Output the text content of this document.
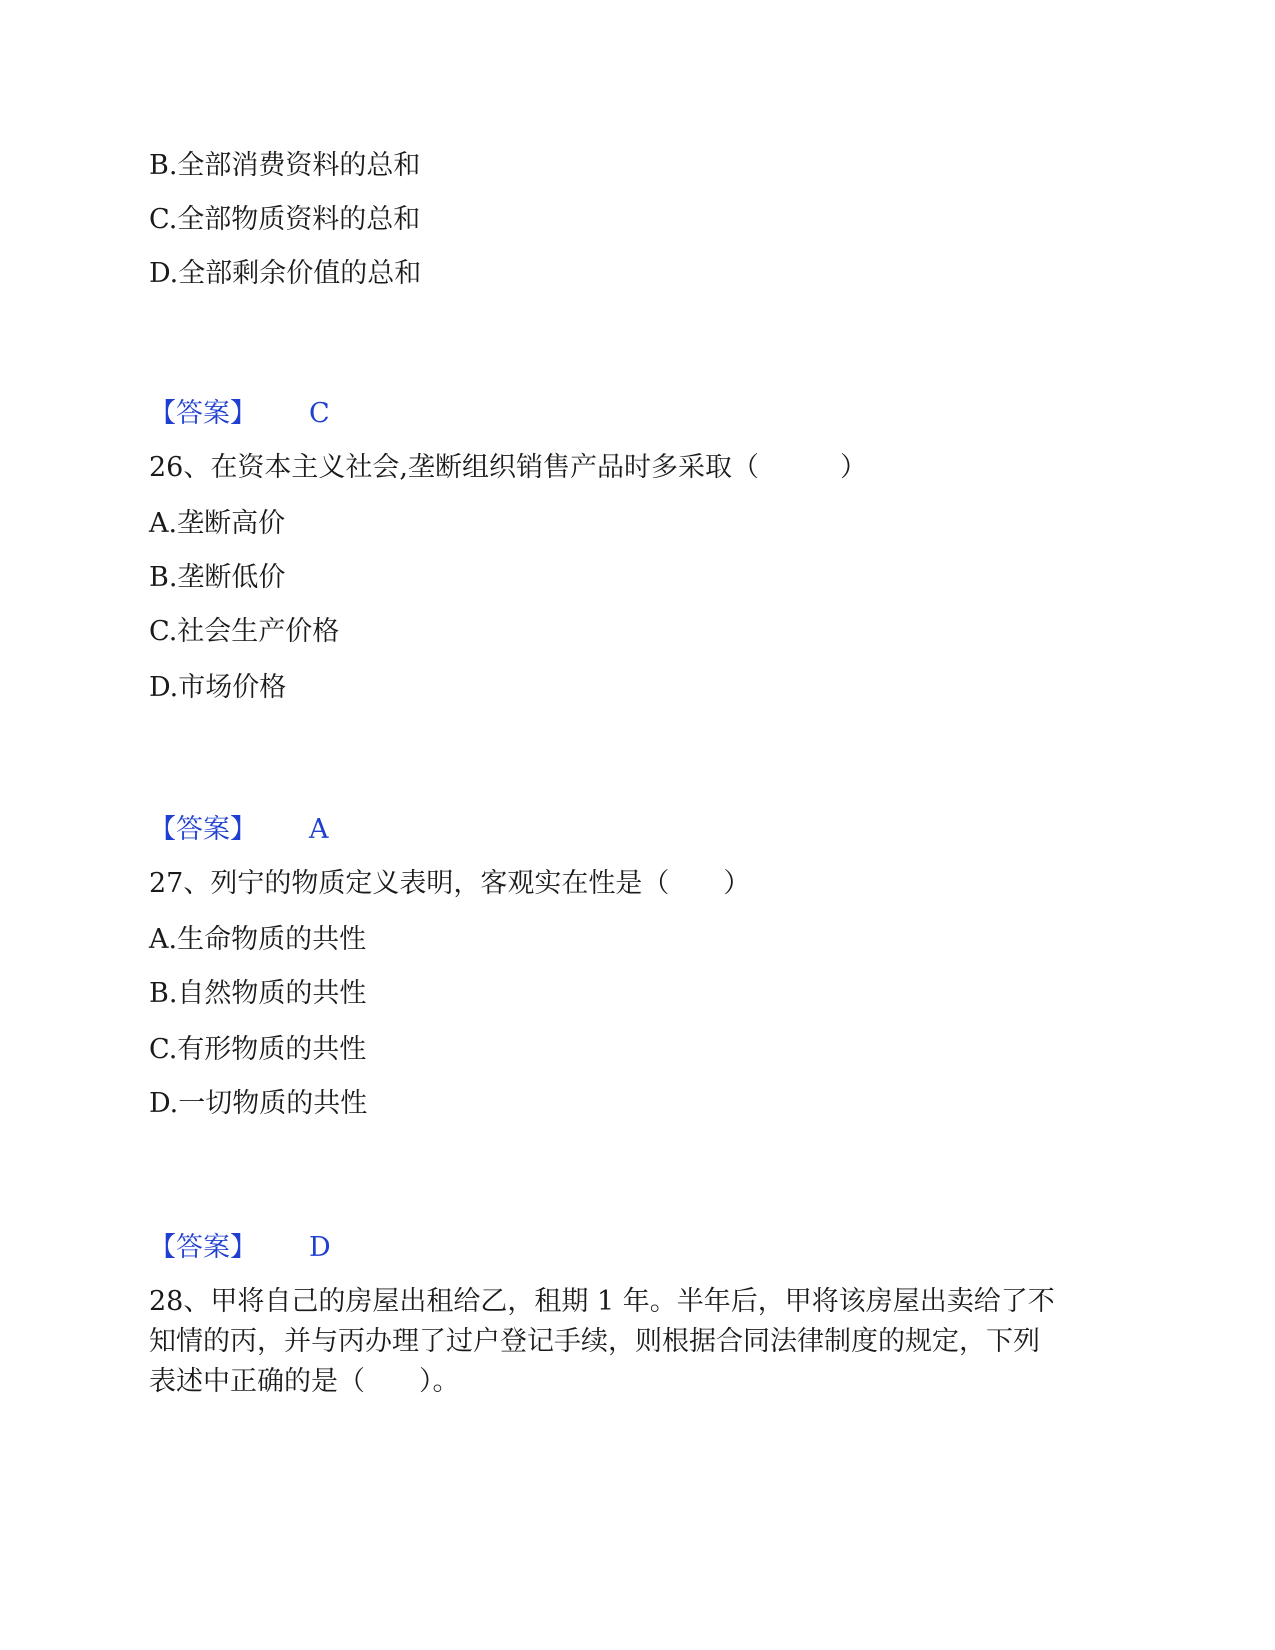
B.全部消费资料的总和
C.全部物质资料的总和
D.全部剩余价值的总和
【答案】 C
26、在资本主义社会,垄断组织销售产品时多采取（　　　）
A.垄断高价
B.垄断低价
C.社会生产价格
D.市场价格
【答案】 A
27、列宁的物质定义表明，客观实在性是（　　）
A.生命物质的共性
B.自然物质的共性
C.有形物质的共性
D.一切物质的共性
【答案】 D
28、甲将自己的房屋出租给乙，租期 1 年。半年后，甲将该房屋出卖给了不
知情的丙，并与丙办理了过户登记手续，则根据合同法律制度的规定，下列
表述中正确的是（　　）。
